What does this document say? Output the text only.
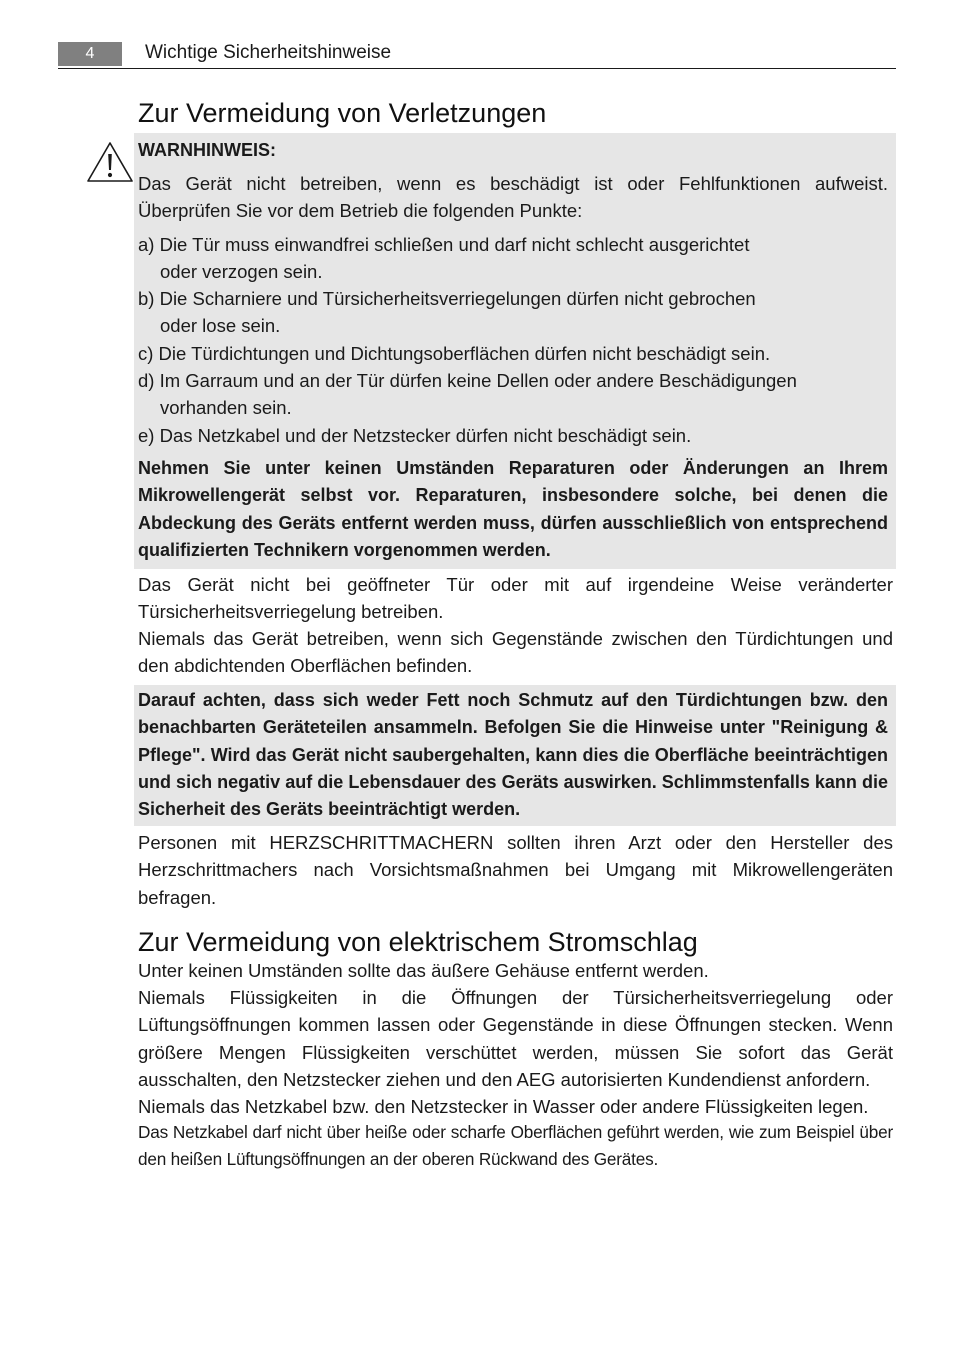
4	Wichtige Sicherheitshinweise
Zur Vermeidung von Verletzungen
WARNHINWEIS:
Das Gerät nicht betreiben, wenn es beschädigt ist oder Fehlfunktionen aufweist. Überprüfen Sie vor dem Betrieb die folgenden Punkte:
a) Die Tür muss einwandfrei schließen und darf nicht schlecht ausgerichtet
oder verzogen sein.
b) Die Scharniere und Türsicherheitsverriegelungen dürfen nicht gebrochen
oder lose sein.
c) Die Türdichtungen und Dichtungsoberflächen dürfen nicht beschädigt sein.
d) Im Garraum und an der Tür dürfen keine Dellen oder andere Beschädigungen
vorhanden sein.
e) Das Netzkabel und der Netzstecker dürfen nicht beschädigt sein.
Nehmen Sie unter keinen Umständen Reparaturen oder Änderungen an Ihrem Mikrowellengerät selbst vor. Reparaturen, insbesondere solche, bei denen die Abdeckung des Geräts entfernt werden muss, dürfen ausschließlich von entsprechend qualifizierten Technikern vorgenommen werden.
Das Gerät nicht bei geöffneter Tür oder mit auf irgendeine Weise veränderter Türsicherheitsverriegelung betreiben.
Niemals das Gerät betreiben, wenn sich Gegenstände zwischen den Türdichtungen und den abdichtenden Oberflächen befinden.
Darauf achten, dass sich weder Fett noch Schmutz auf den Türdichtungen bzw. den benachbarten Geräteteilen ansammeln. Befolgen Sie die Hinweise unter "Reinigung & Pflege". Wird das Gerät nicht saubergehalten, kann dies die Oberfläche beeinträchtigen und sich negativ auf die Lebensdauer des Geräts auswirken. Schlimmstenfalls kann die Sicherheit des Geräts beeinträchtigt werden.
Personen mit HERZSCHRITTMACHERN sollten ihren Arzt oder den Hersteller des Herzschrittmachers nach Vorsichtsmaßnahmen bei Umgang mit Mikrowellengeräten befragen.
Zur Vermeidung von elektrischem Stromschlag
Unter keinen Umständen sollte das äußere Gehäuse entfernt werden.
Niemals Flüssigkeiten in die Öffnungen der Türsicherheitsverriegelung oder Lüftungsöffnungen kommen lassen oder Gegenstände in diese Öffnungen stecken. Wenn größere Mengen Flüssigkeiten verschüttet werden, müssen Sie sofort das Gerät ausschalten, den Netzstecker ziehen und den AEG autorisierten Kundendienst anfordern.
Niemals das Netzkabel bzw. den Netzstecker in Wasser oder andere Flüssigkeiten legen.
Das Netzkabel darf nicht über heiße oder scharfe Oberflächen geführt werden, wie zum Beispiel über den heißen Lüftungsöffnungen an der oberen Rückwand des Gerätes.
